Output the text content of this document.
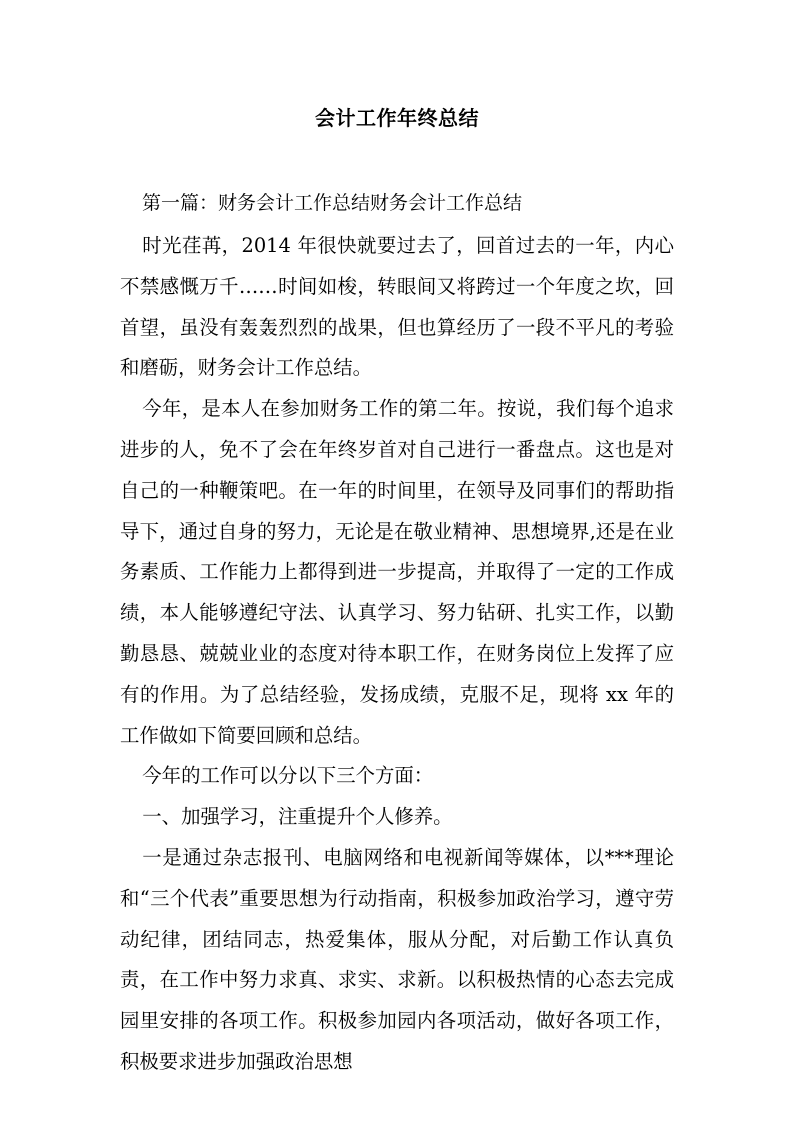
会计工作年终总结
第一篇：财务会计工作总结财务会计工作总结

时光荏苒，2014 年很快就要过去了，回首过去的一年，内心不禁感慨万千……时间如梭，转眼间又将跨过一个年度之坎，回首望，虽没有轰轰烈烈的战果，但也算经历了一段不平凡的考验和磨砺，财务会计工作总结。

今年，是本人在参加财务工作的第二年。按说，我们每个追求进步的人，免不了会在年终岁首对自己进行一番盘点。这也是对自己的一种鞭策吧。在一年的时间里，在领导及同事们的帮助指导下，通过自身的努力，无论是在敬业精神、思想境界,还是在业务素质、工作能力上都得到进一步提高，并取得了一定的工作成绩，本人能够遵纪守法、认真学习、努力钻研、扎实工作，以勤勤恳恳、兢兢业业的态度对待本职工作，在财务岗位上发挥了应有的作用。为了总结经验，发扬成绩，克服不足，现将 xx 年的工作做如下简要回顾和总结。

今年的工作可以分以下三个方面：

一、加强学习，注重提升个人修养。

一是通过杂志报刊、电脑网络和电视新闻等媒体，以***理论和“三个代表”重要思想为行动指南，积极参加政治学习，遵守劳动纪律，团结同志，热爱集体，服从分配，对后勤工作认真负责，在工作中努力求真、求实、求新。以积极热情的心态去完成园里安排的各项工作。积极参加园内各项活动，做好各项工作，积极要求进步加强政治思想
